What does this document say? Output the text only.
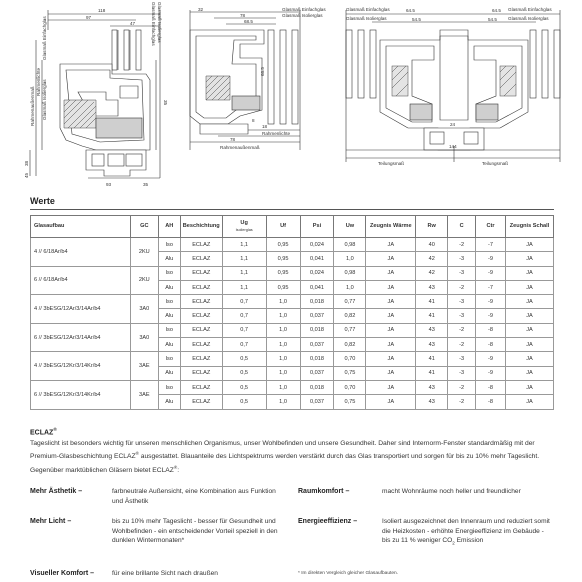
118
97
47	Glasmaß Einfachglas Glasmaß Isolierglas
Rahmenlichte
Glasmaß Einfachglas
Glasmaß Isolierglas
Rahmenaußenmaß	35
93	35
38
45
32
78
68.5
Glasmaß Einfachglas
Glasmaß Isolierglas
68.5
8
18
78
Rahmenaußenmaß
Rahmenlichte
Glasmaß Einfachglas
Glasmaß Isolierglas
Glasmaß Einfachglas
Glasmaß Isolierglas
64.5
54.5	54.5
64.5
144
Teilungsmaß	Teilungsmaß
24
Werte
Glasaufbau	GC	AH	Beschichtung	Ug
Isolierglas	Uf	Psi	Uw	Zeugnis Wärme	Rw	C	Ctr	Zeugnis Schall
4 // 6/18Ar/b4	2KU	Iso	ECLAZ	1,1	0,95	0,024	0,98	JA	40	-2	-7	JA
		Alu	ECLAZ	1,1	0,95	0,041	1,0	JA	42	-3	-9	JA
6 // 6/18Ar/b4	2KU	Iso	ECLAZ	1,1	0,95	0,024	0,98	JA	42	-3	-9	JA
		Alu	ECLAZ	1,1	0,95	0,041	1,0	JA	43	-2	-7	JA
4 // 3bESG/12Ar/3/14Ar/b4	3A0	Iso	ECLAZ	0,7	1,0	0,018	0,77	JA	41	-3	-9	JA
		Alu	ECLAZ	0,7	1,0	0,037	0,82	JA	41	-3	-9	JA
6 // 3bESG/12Ar/3/14Ar/b4	3A0	Iso	ECLAZ	0,7	1,0	0,018	0,77	JA	43	-2	-8	JA
		Alu	ECLAZ	0,7	1,0	0,037	0,82	JA	43	-2	-8	JA
4 // 3bESG/12Kr/3/14Kr/b4	3AE	Iso	ECLAZ	0,5	1,0	0,018	0,70	JA	41	-3	-9	JA
		Alu	ECLAZ	0,5	1,0	0,037	0,75	JA	41	-3	-9	JA
6 // 3bESG/12Kr/3/14Kr/b4	3AE	Iso	ECLAZ	0,5	1,0	0,018	0,70	JA	43	-2	-8	JA
		Alu	ECLAZ	0,5	1,0	0,037	0,75	JA	43	-2	-8	JA
ECLAZ®
Tageslicht ist besonders wichtig für unseren menschlichen Organismus, unser Wohlbefinden und unsere Gesundheit. Daher sind Internorm-Fenster standardmäßig mit der Premium-Glasbeschichtung ECLAZ® ausgestattet. Blauanteile des Lichtspektrums werden verstärkt durch das Glas transportiert und sorgen für bis zu 10% mehr Tageslicht. Gegenüber marktüblichen Gläsern bietet ECLAZ®:
Mehr Ästhetik –	farbneutrale Außensicht, eine Kombination aus Funktion und Ästhetik
Mehr Licht –	bis zu 10% mehr Tageslicht - besser für Gesundheit und Wohlbefinden - ein entscheidender Vorteil speziell in den dunklen Wintermonaten*
Visueller Komfort –	für eine brillante Sicht nach draußen
Raumkomfort –	macht Wohnräume noch heller und freundlicher
Energieeffizienz –	Isoliert ausgezeichnet den Innenraum und reduziert somit die Heizkosten - erhöhte Energieeffizienz im Gebäude - bis zu 11 % weniger $CO_2$ Emission
* Im direkten Vergleich gleicher Glasaufbauten.
